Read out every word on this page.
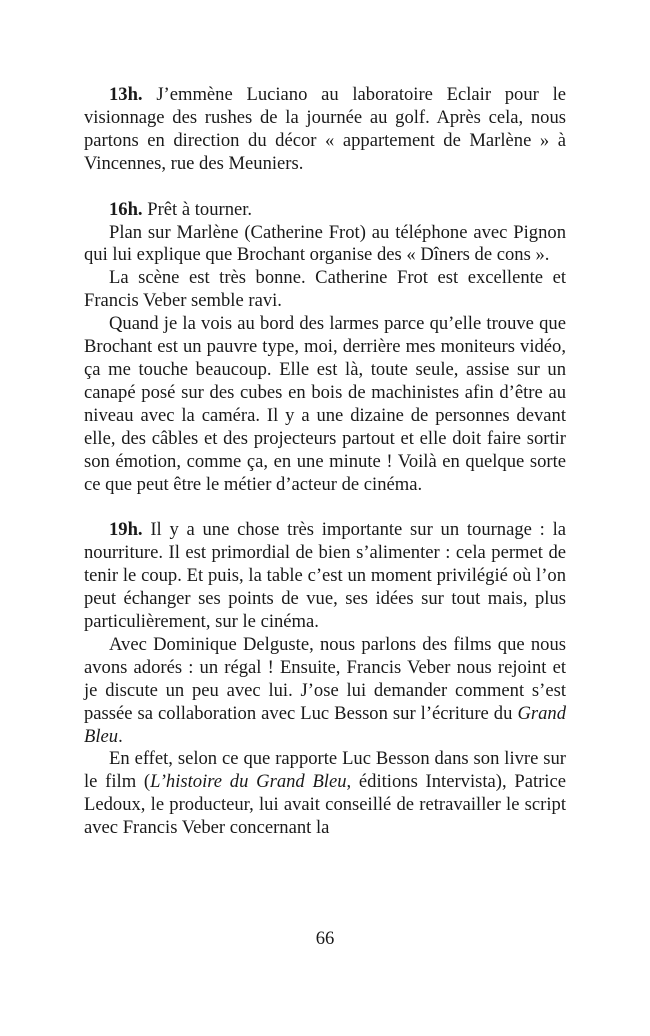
13h. J’emmène Luciano au laboratoire Eclair pour le visionnage des rushes de la journée au golf. Après cela, nous partons en direction du décor « appartement de Marlène » à Vincennes, rue des Meuniers.

16h. Prêt à tourner.

Plan sur Marlène (Catherine Frot) au téléphone avec Pignon qui lui explique que Brochant organise des « Dîners de cons ».

La scène est très bonne. Catherine Frot est excellente et Francis Veber semble ravi.

Quand je la vois au bord des larmes parce qu’elle trouve que Brochant est un pauvre type, moi, derrière mes moniteurs vidéo, ça me touche beaucoup. Elle est là, toute seule, assise sur un canapé posé sur des cubes en bois de machinistes afin d’être au niveau avec la caméra. Il y a une dizaine de personnes devant elle, des câbles et des projecteurs partout et elle doit faire sortir son émotion, comme ça, en une minute ! Voilà en quelque sorte ce que peut être le métier d’acteur de cinéma.

19h. Il y a une chose très importante sur un tournage : la nourriture. Il est primordial de bien s’alimenter : cela permet de tenir le coup. Et puis, la table c’est un moment privilégié où l’on peut échanger ses points de vue, ses idées sur tout mais, plus particulièrement, sur le cinéma.

Avec Dominique Delguste, nous parlons des films que nous avons adorés : un régal ! Ensuite, Francis Veber nous rejoint et je discute un peu avec lui. J’ose lui demander comment s’est passée sa collaboration avec Luc Besson sur l’écriture du Grand Bleu.

En effet, selon ce que rapporte Luc Besson dans son livre sur le film (L’histoire du Grand Bleu, éditions Intervista), Patrice Ledoux, le producteur, lui avait conseillé de retravailler le script avec Francis Veber concernant la

66
